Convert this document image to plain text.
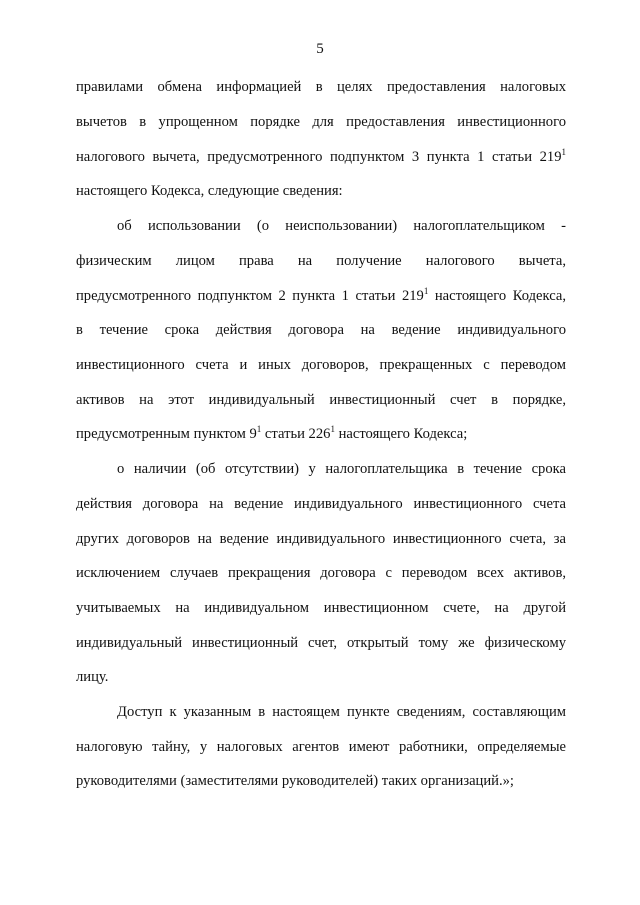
5
правилами обмена информацией в целях предоставления налоговых
вычетов в упрощенном порядке для предоставления инвестиционного
налогового вычета, предусмотренного подпунктом 3 пункта 1 статьи $219^1$
настоящего Кодекса, следующие сведения:
об использовании (о неиспользовании) налогоплательщиком -
физическим лицом права на получение налогового вычета,
предусмотренного подпунктом 2 пункта 1 статьи $219^1$ настоящего Кодекса,
в течение срока действия договора на ведение индивидуального
инвестиционного счета и иных договоров, прекращенных с переводом
активов на этот индивидуальный инвестиционный счет в порядке,
предусмотренным пунктом $9^1$ статьи $226^1$ настоящего Кодекса;
о наличии (об отсутствии) у налогоплательщика в течение срока
действия договора на ведение индивидуального инвестиционного счета
других договоров на ведение индивидуального инвестиционного счета, за
исключением случаев прекращения договора с переводом всех активов,
учитываемых на индивидуальном инвестиционном счете, на другой
индивидуальный инвестиционный счет, открытый тому же физическому
лицу.
Доступ к указанным в настоящем пункте сведениям, составляющим
налоговую тайну, у налоговых агентов имеют работники, определяемые
руководителями (заместителями руководителей) таких организаций.»;
